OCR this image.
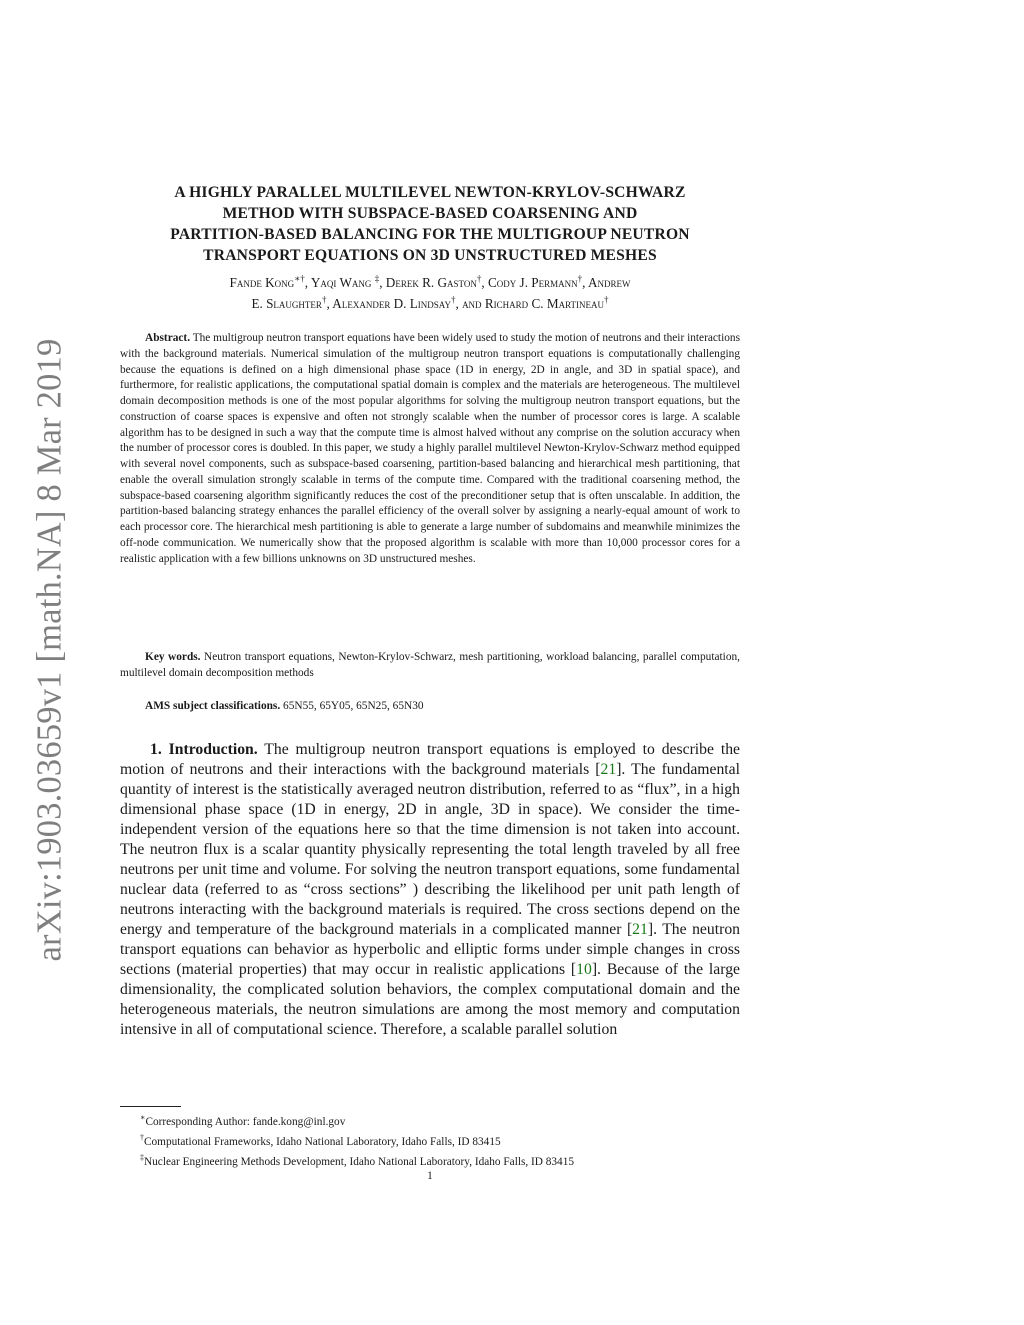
arXiv:1903.03659v1 [math.NA] 8 Mar 2019
A HIGHLY PARALLEL MULTILEVEL NEWTON-KRYLOV-SCHWARZ
METHOD WITH SUBSPACE-BASED COARSENING AND
PARTITION-BASED BALANCING FOR THE MULTIGROUP NEUTRON
TRANSPORT EQUATIONS ON 3D UNSTRUCTURED MESHES
Fande Kong∗†, Yaqi Wang ‡, Derek R. Gaston†, Cody J. Permann†, Andrew
E. Slaughter†, Alexander D. Lindsay†, and Richard C. Martineau†

Abstract. The multigroup neutron transport equations have been widely used to study the motion of neutrons and their interactions with the background materials. Numerical simulation of the multigroup neutron transport equations is computationally challenging because the equations is defined on a high dimensional phase space (1D in energy, 2D in angle, and 3D in spatial space), and furthermore, for realistic applications, the computational spatial domain is complex and the materials are heterogeneous. The multilevel domain decomposition methods is one of the most popular algorithms for solving the multigroup neutron transport equations, but the construction of coarse spaces is expensive and often not strongly scalable when the number of processor cores is large. A scalable algorithm has to be designed in such a way that the compute time is almost halved without any comprise on the solution accuracy when the number of processor cores is doubled. In this paper, we study a highly parallel multilevel Newton-Krylov-Schwarz method equipped with several novel components, such as subspace-based coarsening, partition-based balancing and hierarchical mesh partitioning, that enable the overall simulation strongly scalable in terms of the compute time. Compared with the traditional coarsening method, the subspace-based coarsening algorithm significantly reduces the cost of the preconditioner setup that is often unscalable. In addition, the partition-based balancing strategy enhances the parallel efficiency of the overall solver by assigning a nearly-equal amount of work to each processor core. The hierarchical mesh partitioning is able to generate a large number of subdomains and meanwhile minimizes the off-node communication. We numerically show that the proposed algorithm is scalable with more than 10,000 processor cores for a realistic application with a few billions unknowns on 3D unstructured meshes.

Key words. Neutron transport equations, Newton-Krylov-Schwarz, mesh partitioning, workload balancing, parallel computation, multilevel domain decomposition methods

AMS subject classifications. 65N55, 65Y05, 65N25, 65N30

1. Introduction. The multigroup neutron transport equations is employed to describe the motion of neutrons and their interactions with the background materials [21]. The fundamental quantity of interest is the statistically averaged neutron distribution, referred to as “flux”, in a high dimensional phase space (1D in energy, 2D in angle, 3D in space). We consider the time-independent version of the equations here so that the time dimension is not taken into account. The neutron flux is a scalar quantity physically representing the total length traveled by all free neutrons per unit time and volume. For solving the neutron transport equations, some fundamental nuclear data (referred to as “cross sections” ) describing the likelihood per unit path length of neutrons interacting with the background materials is required. The cross sections depend on the energy and temperature of the background materials in a complicated manner [21]. The neutron transport equations can behavior as hyperbolic and elliptic forms under simple changes in cross sections (material properties) that may occur in realistic applications [10]. Because of the large dimensionality, the complicated solution behaviors, the complex computational domain and the heterogeneous materials, the neutron simulations are among the most memory and computation intensive in all of computational science. Therefore, a scalable parallel solution

∗Corresponding Author: fande.kong@inl.gov
†Computational Frameworks, Idaho National Laboratory, Idaho Falls, ID 83415
‡Nuclear Engineering Methods Development, Idaho National Laboratory, Idaho Falls, ID 83415
1
